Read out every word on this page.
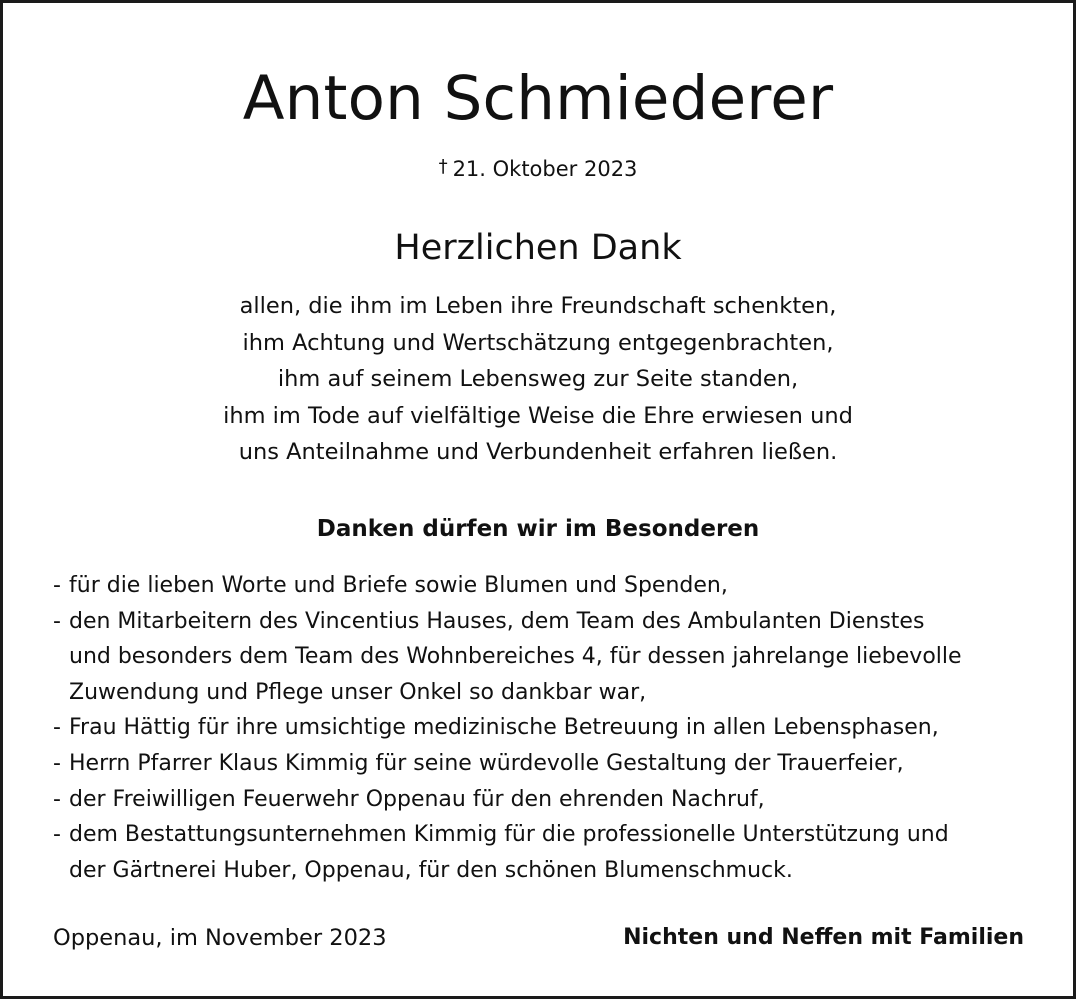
Anton Schmiederer
† 21. Oktober 2023
Herzlichen Dank
allen, die ihm im Leben ihre Freundschaft schenkten,
ihm Achtung und Wertschätzung entgegenbrachten,
ihm auf seinem Lebensweg zur Seite standen,
ihm im Tode auf vielfältige Weise die Ehre erwiesen und
uns Anteilnahme und Verbundenheit erfahren ließen.
Danken dürfen wir im Besonderen
- für die lieben Worte und Briefe sowie Blumen und Spenden,
- den Mitarbeitern des Vincentius Hauses, dem Team des Ambulanten Dienstes
und besonders dem Team des Wohnbereiches 4, für dessen jahrelange liebevolle
Zuwendung und Pflege unser Onkel so dankbar war,
- Frau Hättig für ihre umsichtige medizinische Betreuung in allen Lebensphasen,
- Herrn Pfarrer Klaus Kimmig für seine würdevolle Gestaltung der Trauerfeier,
- der Freiwilligen Feuerwehr Oppenau für den ehrenden Nachruf,
- dem Bestattungsunternehmen Kimmig für die professionelle Unterstützung und
der Gärtnerei Huber, Oppenau, für den schönen Blumenschmuck.
Oppenau, im November 2023	Nichten und Neffen mit Familien
